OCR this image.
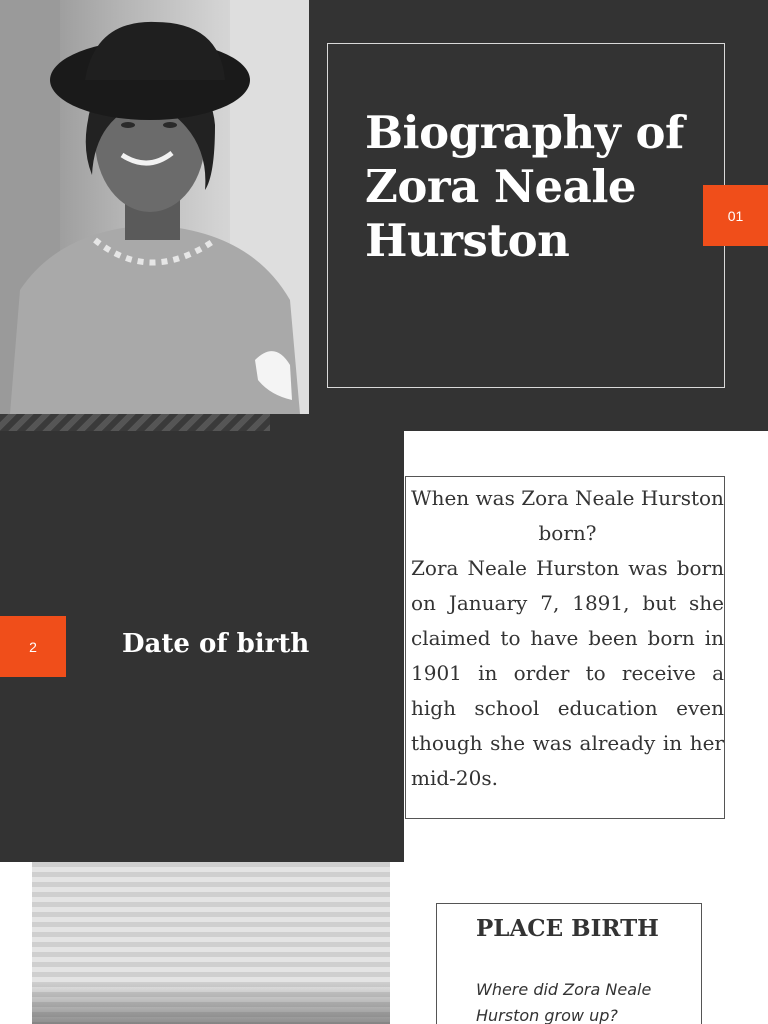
Biography of Zora Neale Hurston	01
2	Date of birth

When was Zora Neale Hurston born?

Zora Neale Hurston was born on January 7, 1891, but she claimed to have been born in 1901 in order to receive a high school education even though she was already in her mid-20s.

PLACE BIRTH

Where did Zora Neale Hurston grow up?
